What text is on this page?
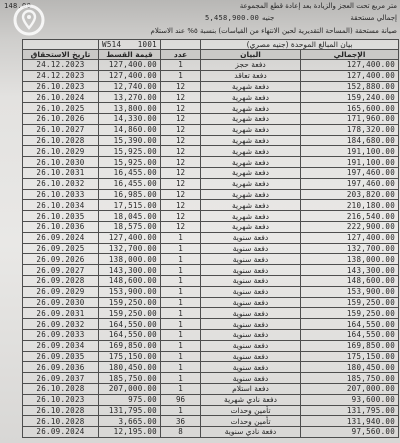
148.00	متر مربع تحت العجز والزيادة بعد إعادة قطع المجموعة
5,458,900.00 جنيه	إجمالي مستحقة
صيانة مستحقة (المساحة التقديرية لحين الانتهاء من القياسات) بنسبة ٥% عند الاستلام

	W514 1001		بيان المبالغ الموحدة (جنيه مصري)	
تاريخ الاستحقاق	قيمة القسط	عدد	البيان	الإجمالي
24.12.2023	127,400.00	1	دفعة حجز	127,400.00
24.12.2023	127,400.00	1	دفعة تعاقد	127,400.00
26.10.2023	12,740.00	12	دفعة شهرية	152,880.00
26.10.2024	13,270.00	12	دفعة شهرية	159,240.00
26.10.2025	13,800.00	12	دفعة شهرية	165,600.00
26.10.2026	14,330.00	12	دفعة شهرية	171,960.00
26.10.2027	14,860.00	12	دفعة شهرية	178,320.00
26.10.2028	15,390.00	12	دفعة شهرية	184,680.00
26.10.2029	15,925.00	12	دفعة شهرية	191,100.00
26.10.2030	15,925.00	12	دفعة شهرية	191,100.00
26.10.2031	16,455.00	12	دفعة شهرية	197,460.00
26.10.2032	16,455.00	12	دفعة شهرية	197,460.00
26.10.2033	16,985.00	12	دفعة شهرية	203,820.00
26.10.2034	17,515.00	12	دفعة شهرية	210,180.00
26.10.2035	18,045.00	12	دفعة شهرية	216,540.00
26.10.2036	18,575.00	12	دفعة شهرية	222,900.00
26.09.2024	127,400.00	1	دفعة سنوية	127,400.00
26.09.2025	132,700.00	1	دفعة سنوية	132,700.00
26.09.2026	138,000.00	1	دفعة سنوية	138,000.00
26.09.2027	143,300.00	1	دفعة سنوية	143,300.00
26.09.2028	148,600.00	1	دفعة سنوية	148,600.00
26.09.2029	153,900.00	1	دفعة سنوية	153,900.00
26.09.2030	159,250.00	1	دفعة سنوية	159,250.00
26.09.2031	159,250.00	1	دفعة سنوية	159,250.00
26.09.2032	164,550.00	1	دفعة سنوية	164,550.00
26.09.2033	164,550.00	1	دفعة سنوية	164,550.00
26.09.2034	169,850.00	1	دفعة سنوية	169,850.00
26.09.2035	175,150.00	1	دفعة سنوية	175,150.00
26.09.2036	180,450.00	1	دفعة سنوية	180,450.00
26.09.2037	185,750.00	1	دفعة سنوية	185,750.00
26.10.2028	207,000.00	1	دفعة استلام	207,000.00
26.10.2023	975.00	96	دفعة نادي شهرية	93,600.00
26.10.2028	131,795.00	1	تأمين وحدات	131,795.00
26.10.2028	3,665.00	36	تأمين وحدات	131,940.00
26.09.2024	12,195.00	8	دفعة نادي سنوية	97,560.00
